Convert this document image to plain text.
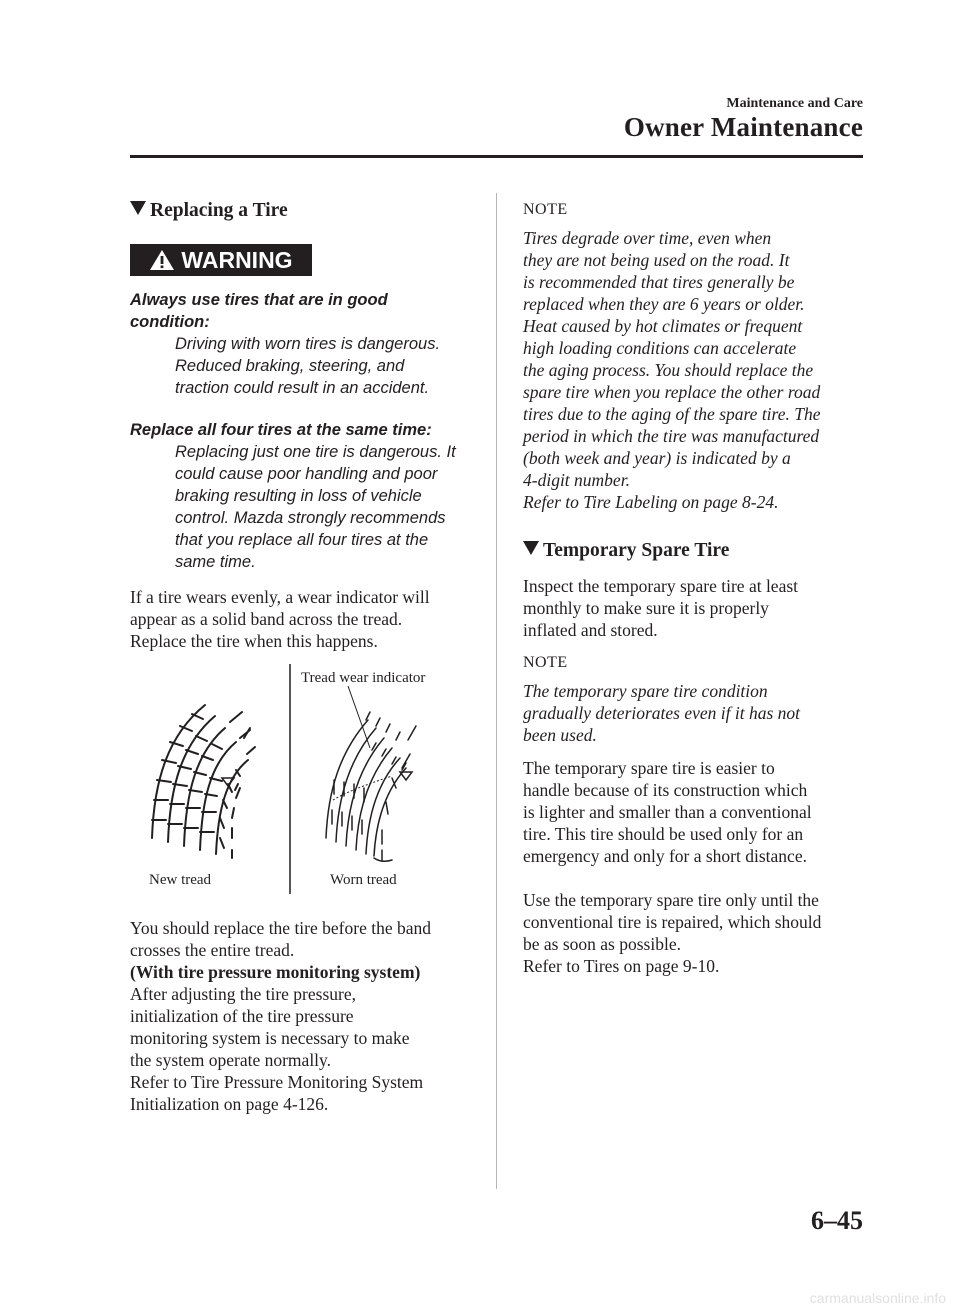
Maintenance and Care
Owner Maintenance
Replacing a Tire
WARNING
Always use tires that are in good
condition:
Driving with worn tires is dangerous.
Reduced braking, steering, and
traction could result in an accident.
Replace all four tires at the same time:
Replacing just one tire is dangerous. It
could cause poor handling and poor
braking resulting in loss of vehicle
control. Mazda strongly recommends
that you replace all four tires at the
same time.
If a tire wears evenly, a wear indicator will
appear as a solid band across the tread.
Replace the tire when this happens.
Tread wear indicator
New tread	Worn tread
You should replace the tire before the band
crosses the entire tread.
(With tire pressure monitoring system)
After adjusting the tire pressure,
initialization of the tire pressure
monitoring system is necessary to make
the system operate normally.
Refer to Tire Pressure Monitoring System
Initialization on page 4-126.
NOTE
Tires degrade over time, even when
they are not being used on the road. It
is recommended that tires generally be
replaced when they are 6 years or older.
Heat caused by hot climates or frequent
high loading conditions can accelerate
the aging process. You should replace the
spare tire when you replace the other road
tires due to the aging of the spare tire. The
period in which the tire was manufactured
(both week and year) is indicated by a
4-digit number.
Refer to Tire Labeling on page 8-24.
Temporary Spare Tire
Inspect the temporary spare tire at least
monthly to make sure it is properly
inflated and stored.
NOTE
The temporary spare tire condition
gradually deteriorates even if it has not
been used.
The temporary spare tire is easier to
handle because of its construction which
is lighter and smaller than a conventional
tire. This tire should be used only for an
emergency and only for a short distance.
Use the temporary spare tire only until the
conventional tire is repaired, which should
be as soon as possible.
Refer to Tires on page 9-10.
6–45
carmanualsonline.info
